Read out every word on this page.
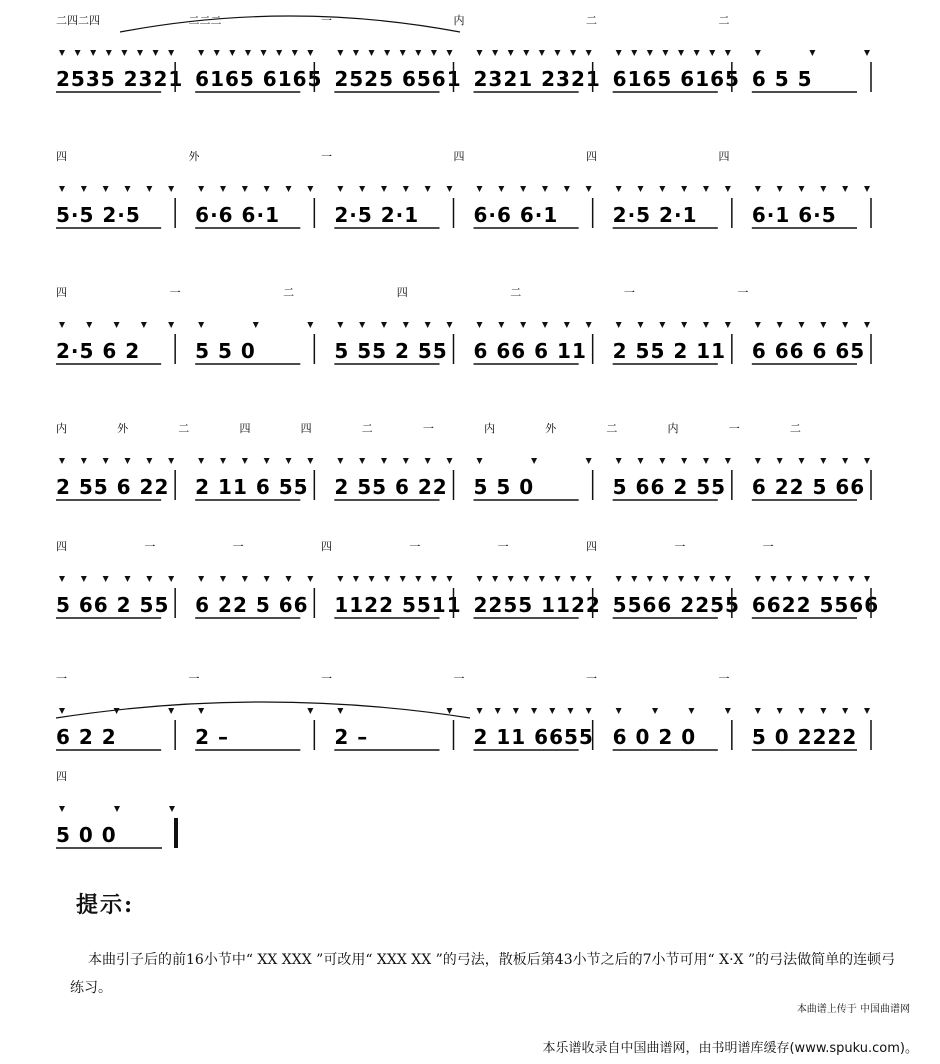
二四二四	二二二	一	内	二	二
2535 2321 6165 6165 2525 6561 2321 2321 6165 6165 6 5 5
四	外	一	四	四	四
5·5 2·5	6·6 6·1	2·5 2·1	6·6 6·1	2·5 2·1	6·1 6·5
四	一	二	四	二	一	一
2·5 6 2	5 5 0	5 55 2 55 6 66 6 11 2 55 2 11 6 66 6 65
内	外	二	四	四	二	一	内	外	二	内	一	二
2 55 6 22 2 11 6 55 2 55 6 22 5 5 0	5 66 2 55 6 22 5 66
四	一	一	四	一	一	四	一	一
5 66 2 55 6 22 5 66 1122 5511 2255 1122 5566 2255 6622 5566
一	一	一	一	一	一
6 2 2	2 –	2 –	2 11 6655 6 0 2 0	5 0 2222
四
5 0 0
提示:
本曲引子后的前16小节中“ XX XXX ”可改用“ XXX XX ”的弓法，散板后第43小节之后的7小节可用“ X·X ”的弓法做简单的连顿弓练习。
本曲谱上传于 中国曲谱网
本乐谱收录自中国曲谱网，由书明谱库缓存(www.spuku.com)。
